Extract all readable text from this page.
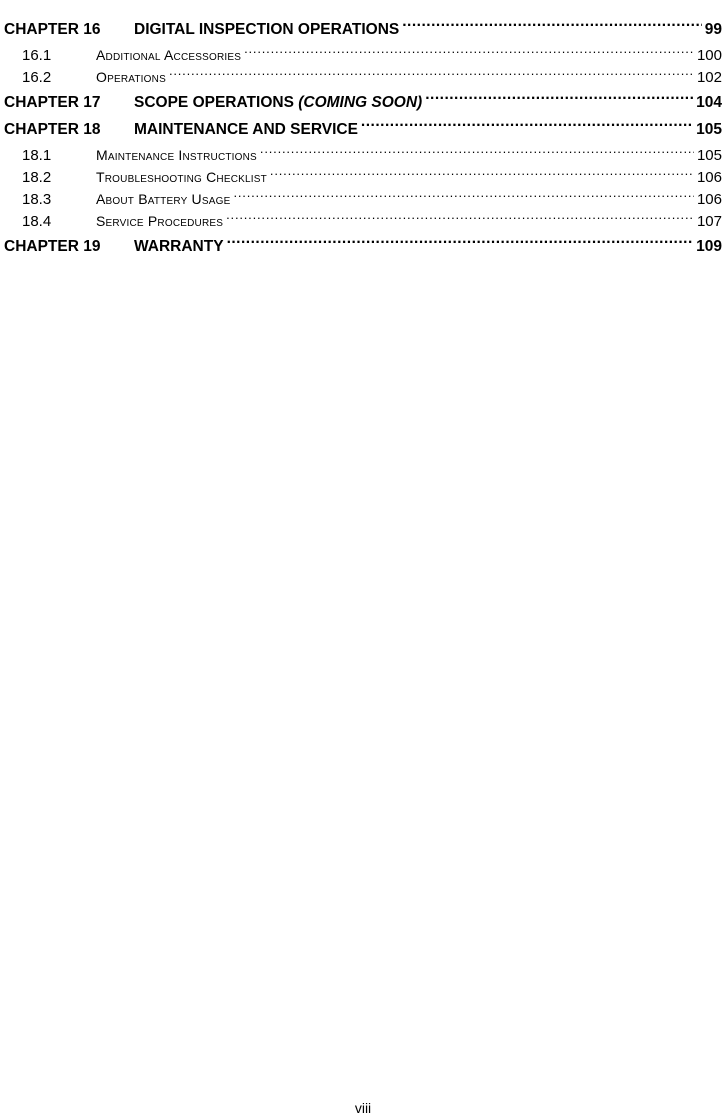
CHAPTER 16	DIGITAL INSPECTION OPERATIONS .....	99
16.1	Additional Accessories .....	100
16.2	Operations .....	102
CHAPTER 17	SCOPE OPERATIONS (COMING SOON) .....	104
CHAPTER 18	MAINTENANCE AND SERVICE .....	105
18.1	Maintenance Instructions .....	105
18.2	Troubleshooting Checklist .....	106
18.3	About Battery Usage .....	106
18.4	Service Procedures .....	107
CHAPTER 19	WARRANTY .....	109
viii
